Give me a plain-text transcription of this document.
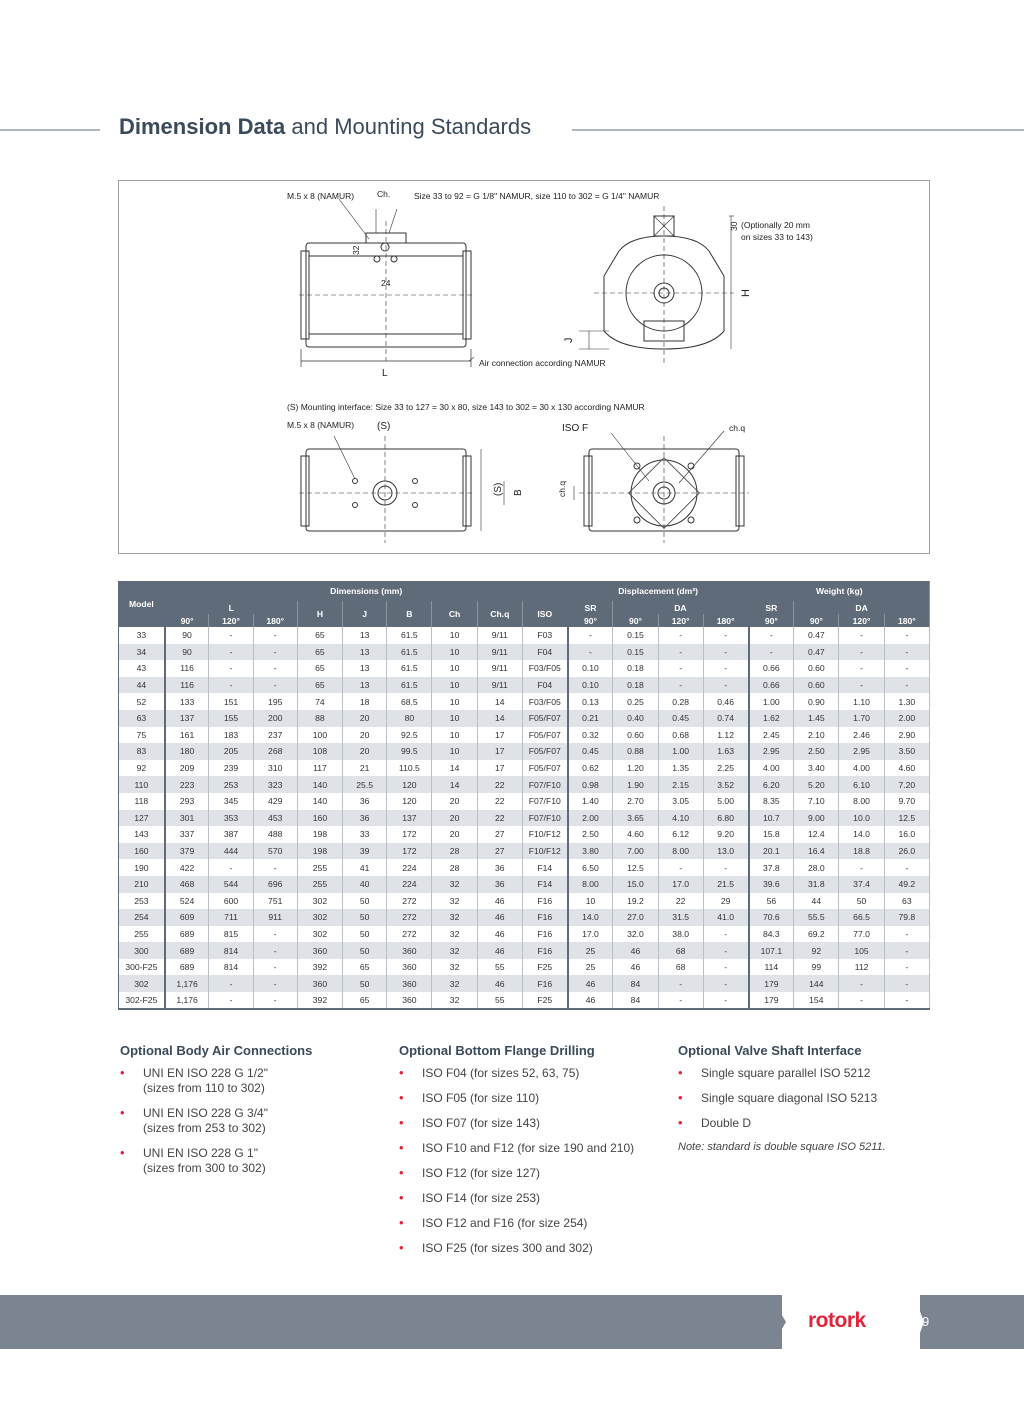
Dimension Data and Mounting Standards
M.5 x 8 (NAMUR)	Ch.	Size 33 to 92 = G 1/8" NAMUR, size 110 to 302 = G 1/4" NAMUR
(Optionally 20 mm
on sizes 33 to 143)
30
32
24
H
J
L
Air connection according NAMUR
(S) Mounting interface: Size 33 to 127 = 30 x 80, size 143 to 302 = 30 x 130 according NAMUR
M.5 x 8 (NAMUR) (S)
(S) B
ISO F	ch.q
ch.q
Model	Dimensions (mm)									Displacement (dm³)				Weight (kg)			
	L			H	J	B	Ch	Ch.q	ISO	SR	DA			SR	DA		
	90°	120°	180°							90°	90°	120°	180°	90°	90°	120°	180°
33	90	-	-	65	13	61.5	10	9/11	F03	-	0.15	-	-	-	0.47	-	-
34	90	-	-	65	13	61.5	10	9/11	F04	-	0.15	-	-	-	0.47	-	-
43	116	-	-	65	13	61.5	10	9/11	F03/F05	0.10	0.18	-	-	0.66	0.60	-	-
44	116	-	-	65	13	61.5	10	9/11	F04	0.10	0.18	-	-	0.66	0.60	-	-
52	133	151	195	74	18	68.5	10	14	F03/F05	0.13	0.25	0.28	0.46	1.00	0.90	1.10	1.30
63	137	155	200	88	20	80	10	14	F05/F07	0.21	0.40	0.45	0.74	1.62	1.45	1.70	2.00
75	161	183	237	100	20	92.5	10	17	F05/F07	0.32	0.60	0.68	1.12	2.45	2.10	2.46	2.90
83	180	205	268	108	20	99.5	10	17	F05/F07	0.45	0.88	1.00	1.63	2.95	2.50	2.95	3.50
92	209	239	310	117	21	110.5	14	17	F05/F07	0.62	1.20	1.35	2.25	4.00	3.40	4.00	4.60
110	223	253	323	140	25.5	120	14	22	F07/F10	0.98	1.90	2.15	3.52	6.20	5.20	6.10	7.20
118	293	345	429	140	36	120	20	22	F07/F10	1.40	2.70	3.05	5.00	8.35	7.10	8.00	9.70
127	301	353	453	160	36	137	20	22	F07/F10	2.00	3.65	4.10	6.80	10.7	9.00	10.0	12.5
143	337	387	488	198	33	172	20	27	F10/F12	2.50	4.60	6.12	9.20	15.8	12.4	14.0	16.0
160	379	444	570	198	39	172	28	27	F10/F12	3.80	7.00	8.00	13.0	20.1	16.4	18.8	26.0
190	422	-	-	255	41	224	28	36	F14	6.50	12.5	-	-	37.8	28.0	-	-
210	468	544	696	255	40	224	32	36	F14	8.00	15.0	17.0	21.5	39.6	31.8	37.4	49.2
253	524	600	751	302	50	272	32	46	F16	10	19.2	22	29	56	44	50	63
254	609	711	911	302	50	272	32	46	F16	14.0	27.0	31.5	41.0	70.6	55.5	66.5	79.8
255	689	815	-	302	50	272	32	46	F16	17.0	32.0	38.0	-	84.3	69.2	77.0	-
300	689	814	-	360	50	360	32	46	F16	25	46	68	-	107.1	92	105	-
300-F25	689	814	-	392	65	360	32	55	F25	25	46	68	-	114	99	112	-
302	1,176	-	-	360	50	360	32	46	F16	46	84	-	-	179	144	-	-
302-F25	1,176	-	-	392	65	360	32	55	F25	46	84	-	-	179	154	-	-
Optional Body Air Connections
• UNI EN ISO 228 G 1/2"
(sizes from 110 to 302)
• UNI EN ISO 228 G 3/4"
(sizes from 253 to 302)
• UNI EN ISO 228 G 1"
(sizes from 300 to 302)
Optional Bottom Flange Drilling
• ISO F04 (for sizes 52, 63, 75)
• ISO F05 (for size 110)
• ISO F07 (for size 143)
• ISO F10 and F12 (for size 190 and 210)
• ISO F12 (for size 127)
• ISO F14 (for size 253)
• ISO F12 and F16 (for size 254)
• ISO F25 (for sizes 300 and 302)
Optional Valve Shaft Interface
• Single square parallel ISO 5212
• Single square diagonal ISO 5213
• Double D
Note: standard is double square ISO 5211.
rotork	9
